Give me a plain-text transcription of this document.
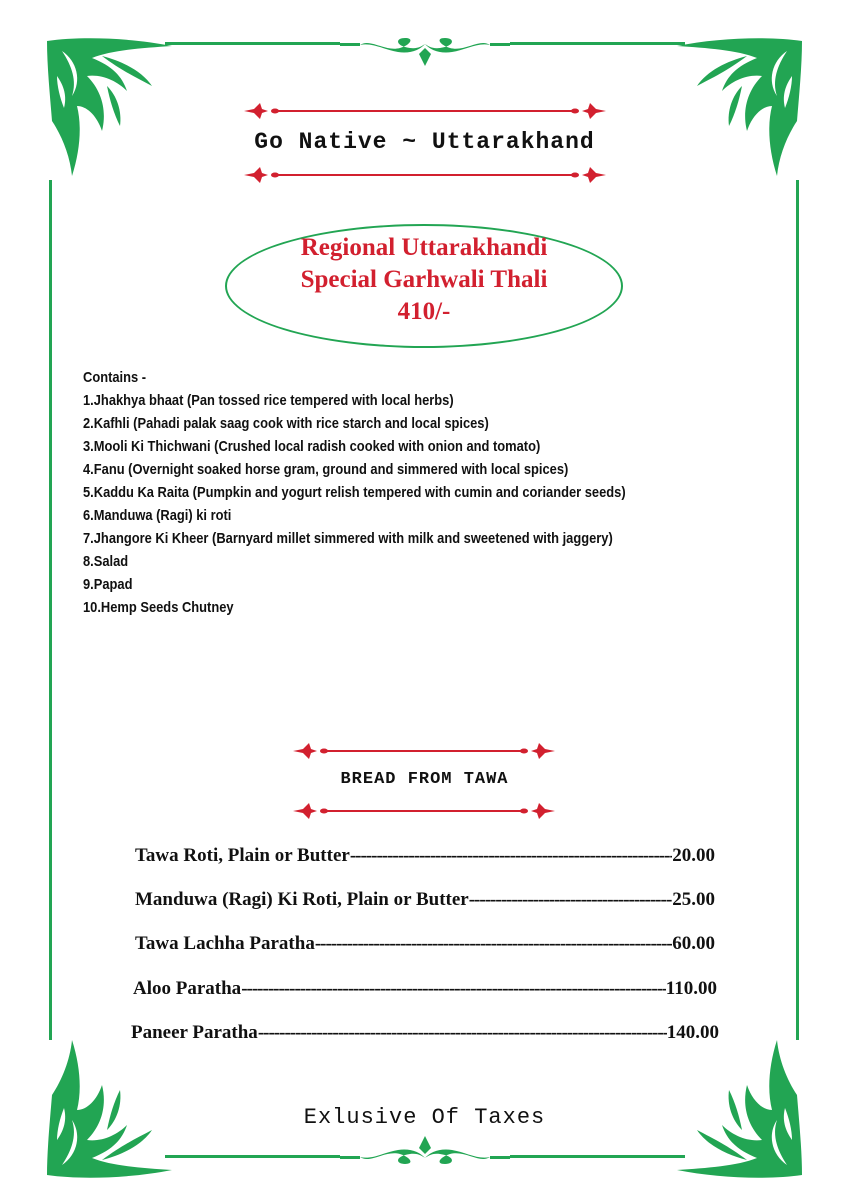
Go Native ~ Uttarakhand
Regional Uttarakhandi
Special Garhwali Thali
410/-
Contains -
1.Jhakhya bhaat (Pan tossed rice tempered with local herbs)
2.Kafhli (Pahadi palak saag cook with rice starch and local spices)
3.Mooli Ki Thichwani (Crushed local radish cooked with onion and tomato)
4.Fanu (Overnight soaked horse gram, ground and simmered with local spices)
5.Kaddu Ka Raita (Pumpkin and yogurt relish tempered with cumin and coriander seeds)
6.Manduwa (Ragi) ki roti
7.Jhangore Ki Kheer (Barnyard millet simmered with milk and sweetened with jaggery)
8.Salad
9.Papad
10.Hemp Seeds Chutney
BREAD FROM TAWA
Tawa Roti, Plain or Butter -----	20.00
Manduwa (Ragi) Ki Roti, Plain or Butter -----	25.00
Tawa Lachha Paratha -----	60.00
Aloo Paratha -----	110.00
Paneer Paratha -----	140.00
Exlusive Of Taxes
